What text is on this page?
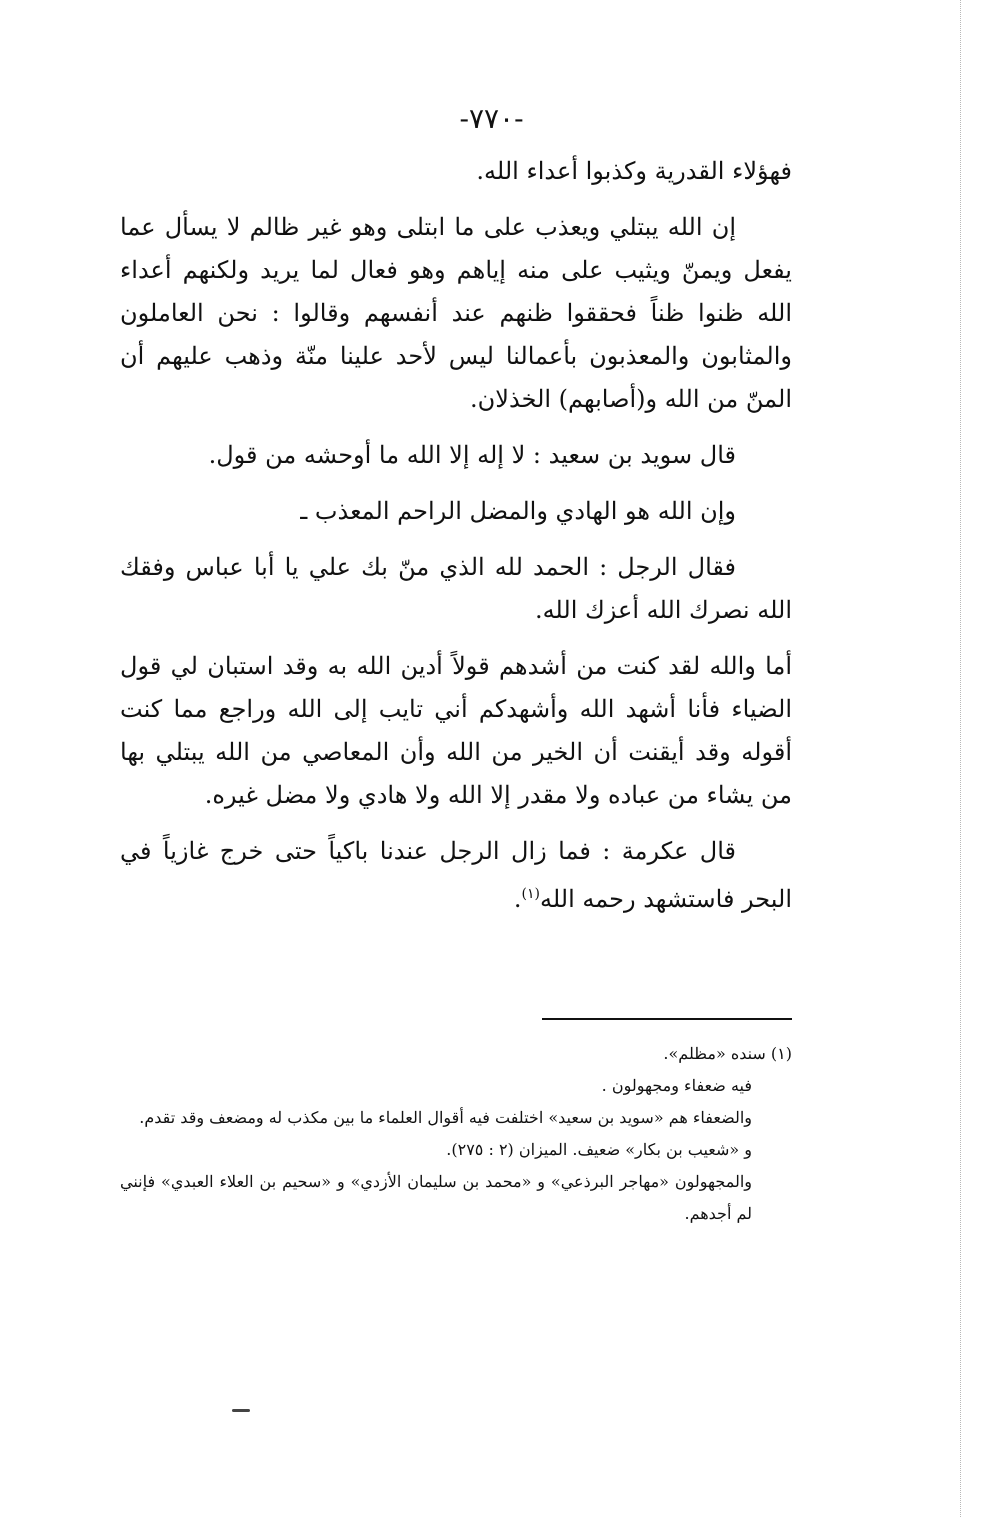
-٧٧٠-

فهؤلاء القدرية وكذبوا أعداء الله.

إن الله يبتلي ويعذب على ما ابتلى وهو غير ظالم لا يسأل عما يفعل ويمنّ ويثيب على منه إياهم وهو فعال لما يريد ولكنهم أعداء الله ظنوا ظناً فحققوا ظنهم عند أنفسهم وقالوا : نحن العاملون والمثابون والمعذبون بأعمالنا ليس لأحد علينا منّة وذهب عليهم أن المنّ من الله و(أصابهم) الخذلان.

قال سويد بن سعيد : لا إله إلا الله ما أوحشه من قول.

وإن الله هو الهادي والمضل الراحم المعذب ـ

فقال الرجل : الحمد لله الذي منّ بك علي يا أبا عباس وفقك الله نصرك الله أعزك الله.

أما والله لقد كنت من أشدهم قولاً أدين الله به وقد استبان لي قول الضياء فأنا أشهد الله وأشهدكم أني تايب إلى الله وراجع مما كنت أقوله وقد أيقنت أن الخير من الله وأن المعاصي من الله يبتلي بها من يشاء من عباده ولا مقدر إلا الله ولا هادي ولا مضل غيره.

قال عكرمة : فما زال الرجل عندنا باكياً حتى خرج غازياً في البحر فاستشهد رحمه الله$^{(١)}$.

(١) سنده «مظلم».

فيه ضعفاء ومجهولون .

والضعفاء هم «سويد بن سعيد» اختلفت فيه أقوال العلماء ما بين مكذب له ومضعف وقد تقدم.

و «شعيب بن بكار» ضعيف. الميزان (٢ : ٢٧٥).

والمجهولون «مهاجر البرذعي» و «محمد بن سليمان الأزدي» و «سحيم بن العلاء العبدي» فإنني لم أجدهم.
